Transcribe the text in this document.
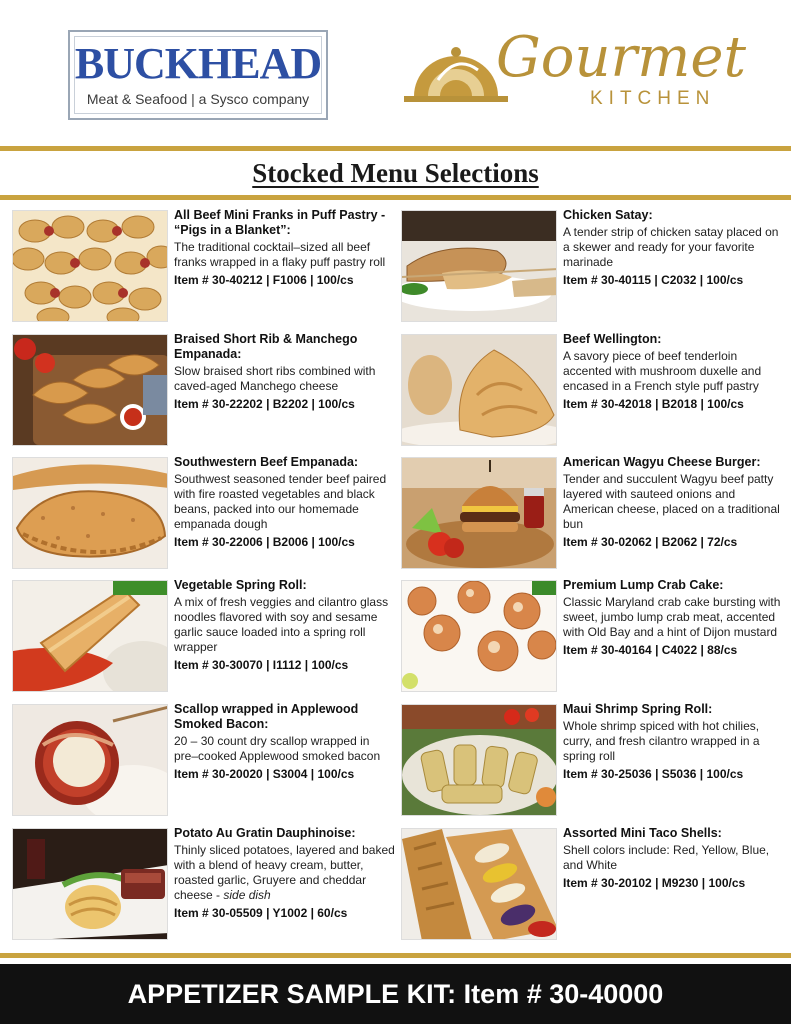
BUCKHEAD
Meat & Seafood | a Sysco company
Gourmet
KITCHEN
Stocked Menu Selections
All Beef Mini Franks in Puff Pastry - “Pigs in a Blanket”:
The traditional cocktail–sized all beef franks wrapped in a flaky puff pastry roll
Item # 30-40212 | F1006 | 100/cs
Chicken Satay:
A tender strip of chicken satay placed on a skewer and ready for your favorite marinade
Item # 30-40115 | C2032 | 100/cs
Braised Short Rib & Manchego Empanada:
Slow braised short ribs combined with caved-aged Manchego cheese
Item # 30-22202 | B2202 | 100/cs
Beef Wellington:
A savory piece of beef tenderloin accented with mushroom duxelle and encased in a French style puff pastry
Item # 30-42018 | B2018 | 100/cs
Southwestern Beef Empanada:
Southwest seasoned tender beef paired with fire roasted vegetables and black beans, packed into our homemade empanada dough
Item # 30-22006 | B2006 | 100/cs
American Wagyu Cheese Burger:
Tender and succulent Wagyu beef patty layered with sauteed onions and American cheese, placed on a traditional bun
Item # 30-02062 | B2062 | 72/cs
Vegetable Spring Roll:
A mix of fresh veggies and cilantro glass noodles flavored with soy and sesame garlic sauce loaded into a spring roll wrapper
Item # 30-30070 | I1112 | 100/cs
Premium Lump Crab Cake:
Classic Maryland crab cake bursting with sweet, jumbo lump crab meat, accented with Old Bay and a hint of Dijon mustard
Item # 30-40164 | C4022 | 88/cs
Scallop wrapped in Applewood Smoked Bacon:
20 – 30 count dry scallop wrapped in pre–cooked Applewood smoked bacon
Item # 30-20020 | S3004 | 100/cs
Maui Shrimp Spring Roll:
Whole shrimp spiced with hot chilies, curry, and fresh cilantro wrapped in a spring roll
Item # 30-25036 | S5036 | 100/cs
Potato Au Gratin Dauphinoise:
Thinly sliced potatoes, layered and baked with a blend of heavy cream, butter, roasted garlic, Gruyere and cheddar cheese - side dish
Item # 30-05509 | Y1002 | 60/cs
Assorted Mini Taco Shells:
Shell colors include: Red, Yellow, Blue, and White
Item # 30-20102 | M9230 | 100/cs
APPETIZER SAMPLE KIT: Item # 30-40000
